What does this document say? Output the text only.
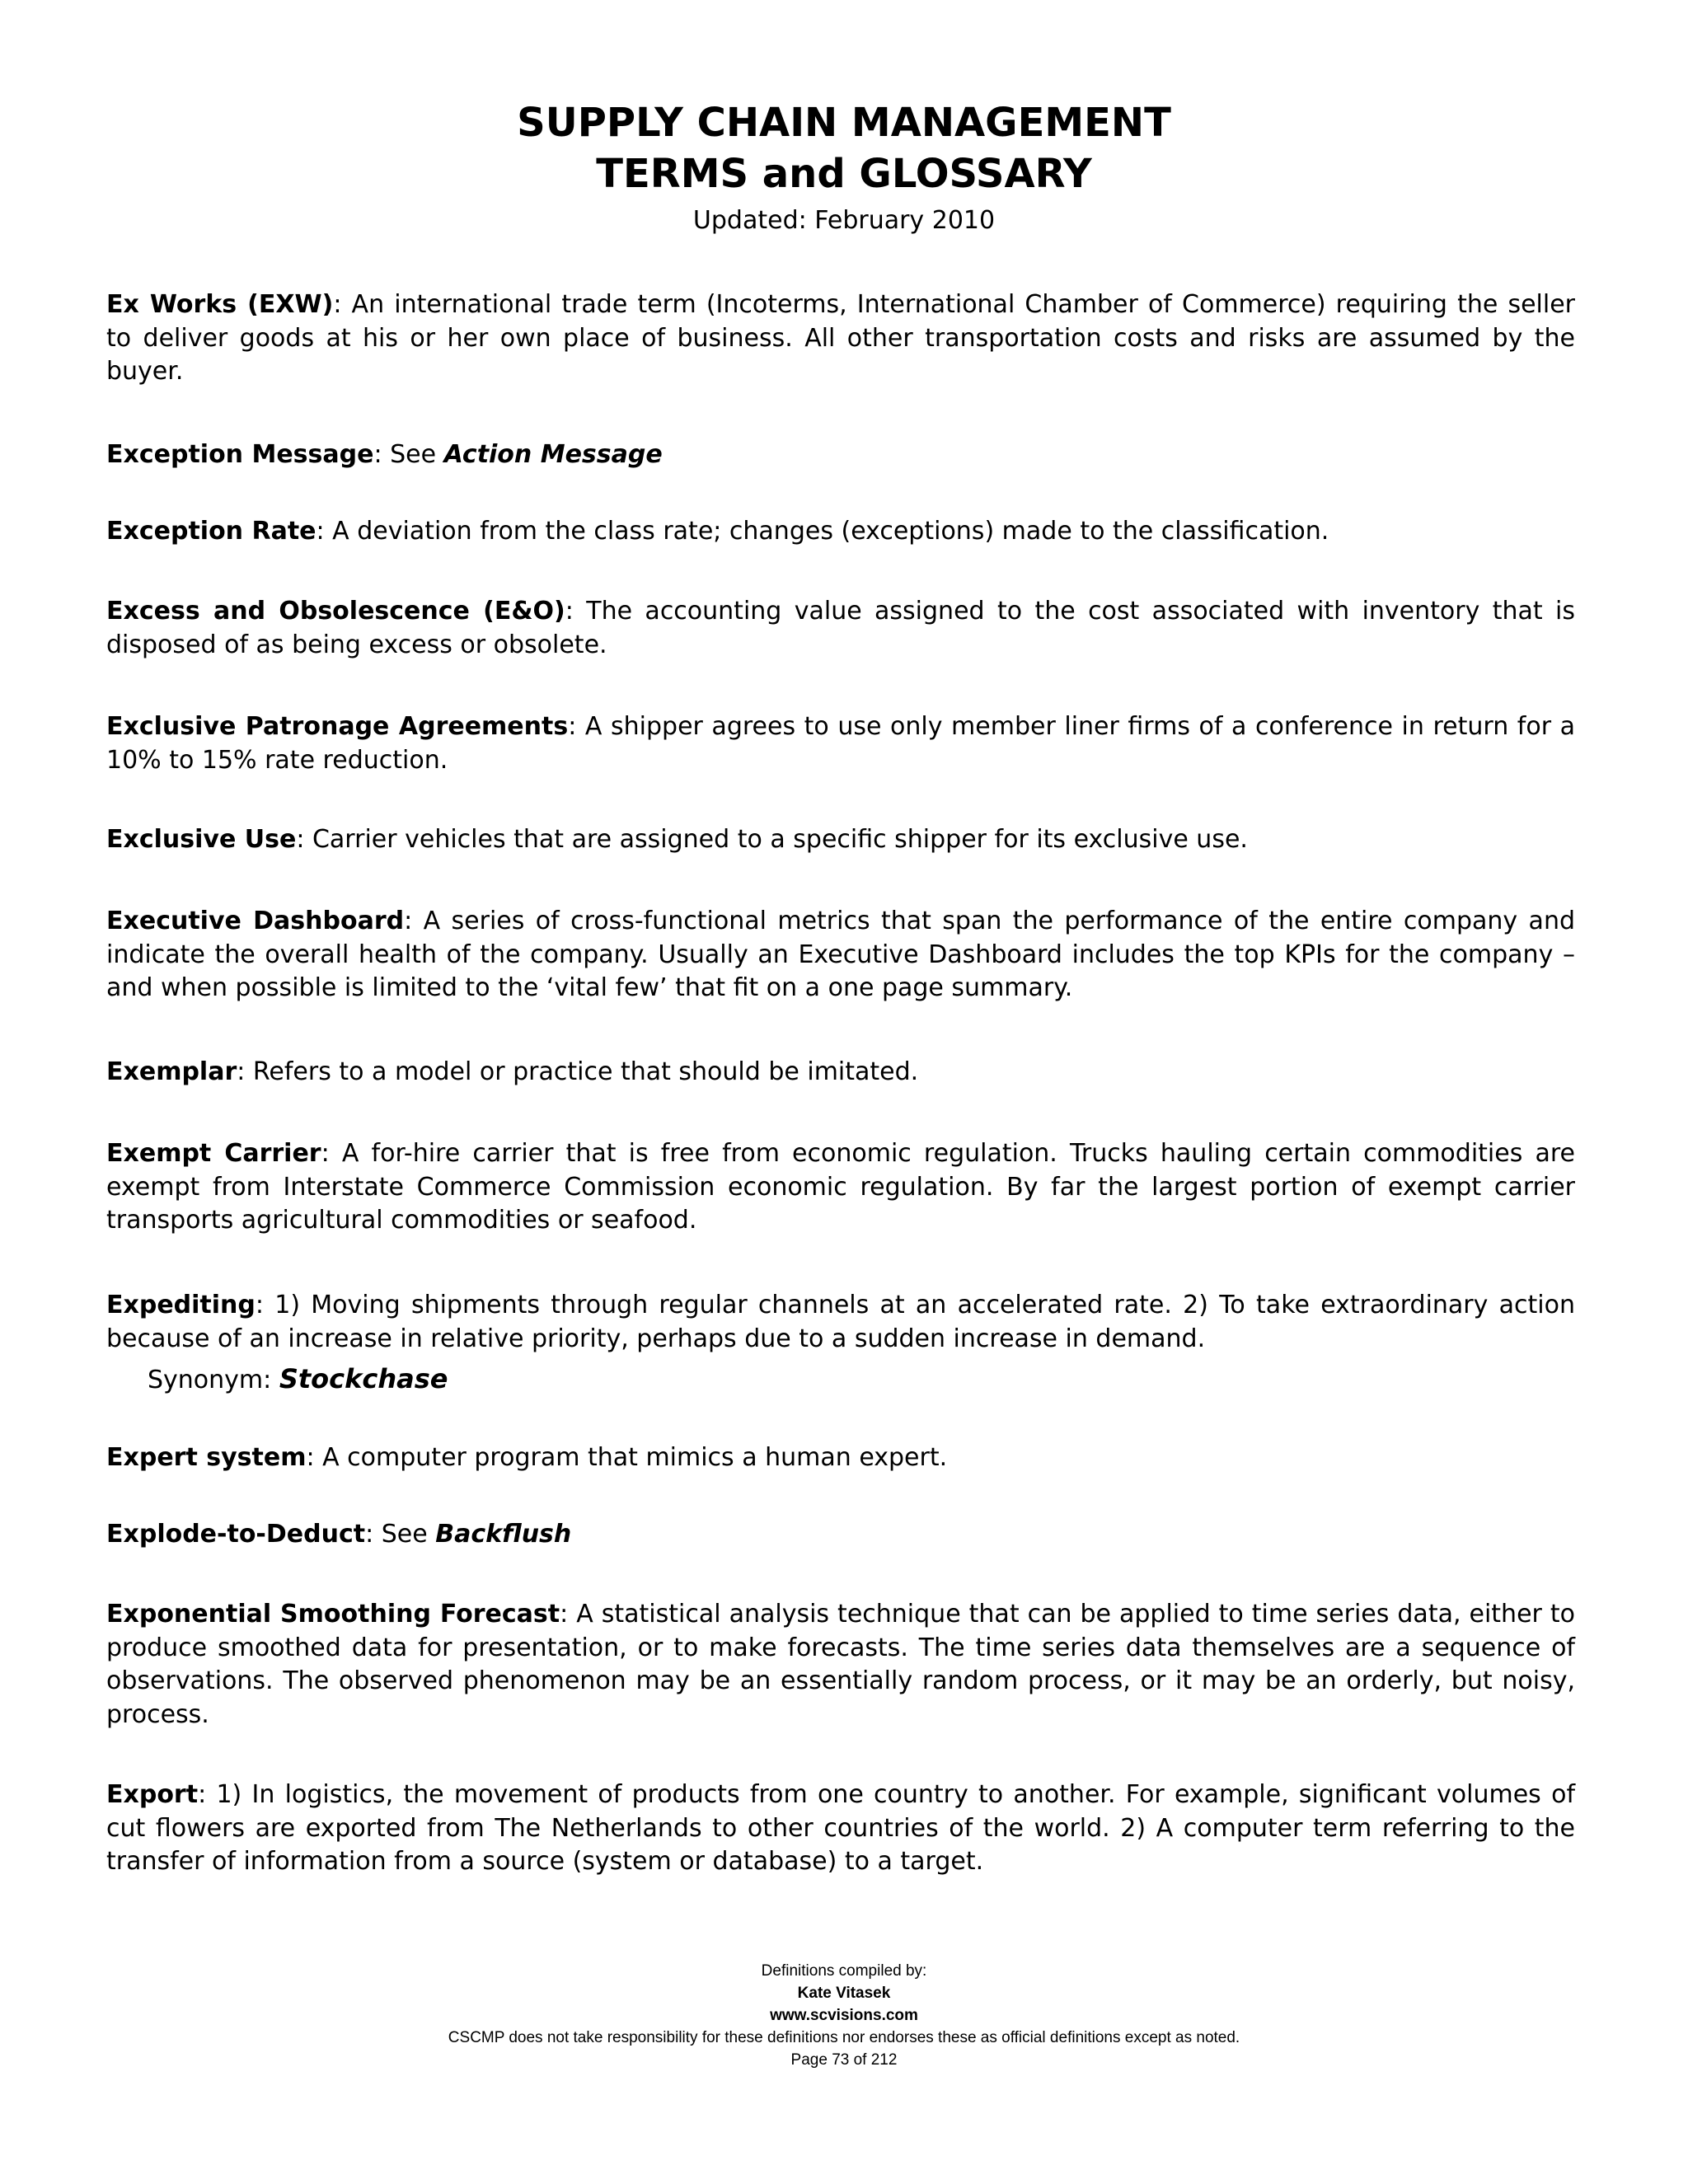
SUPPLY CHAIN MANAGEMENT
TERMS and GLOSSARY
Updated: February 2010

Ex Works (EXW): An international trade term (Incoterms, International Chamber of Commerce) requiring the seller to deliver goods at his or her own place of business. All other transportation costs and risks are assumed by the buyer.

Exception Message: See Action Message

Exception Rate: A deviation from the class rate; changes (exceptions) made to the classification.

Excess and Obsolescence (E&O): The accounting value assigned to the cost associated with inventory that is disposed of as being excess or obsolete.

Exclusive Patronage Agreements: A shipper agrees to use only member liner firms of a conference in return for a 10% to 15% rate reduction.

Exclusive Use: Carrier vehicles that are assigned to a specific shipper for its exclusive use.

Executive Dashboard: A series of cross-functional metrics that span the performance of the entire company and indicate the overall health of the company. Usually an Executive Dashboard includes the top KPIs for the company – and when possible is limited to the ‘vital few’ that fit on a one page summary.

Exemplar: Refers to a model or practice that should be imitated.

Exempt Carrier: A for-hire carrier that is free from economic regulation. Trucks hauling certain commodities are exempt from Interstate Commerce Commission economic regulation. By far the largest portion of exempt carrier transports agricultural commodities or seafood.

Expediting: 1) Moving shipments through regular channels at an accelerated rate. 2) To take extraordinary action because of an increase in relative priority, perhaps due to a sudden increase in demand.

Synonym: Stockchase

Expert system: A computer program that mimics a human expert.

Explode-to-Deduct: See Backflush

Exponential Smoothing Forecast: A statistical analysis technique that can be applied to time series data, either to produce smoothed data for presentation, or to make forecasts. The time series data themselves are a sequence of observations. The observed phenomenon may be an essentially random process, or it may be an orderly, but noisy, process.

Export: 1) In logistics, the movement of products from one country to another. For example, significant volumes of cut flowers are exported from The Netherlands to other countries of the world. 2) A computer term referring to the transfer of information from a source (system or database) to a target.

Definitions compiled by:
Kate Vitasek
www.scvisions.com
CSCMP does not take responsibility for these definitions nor endorses these as official definitions except as noted.
Page 73 of 212
